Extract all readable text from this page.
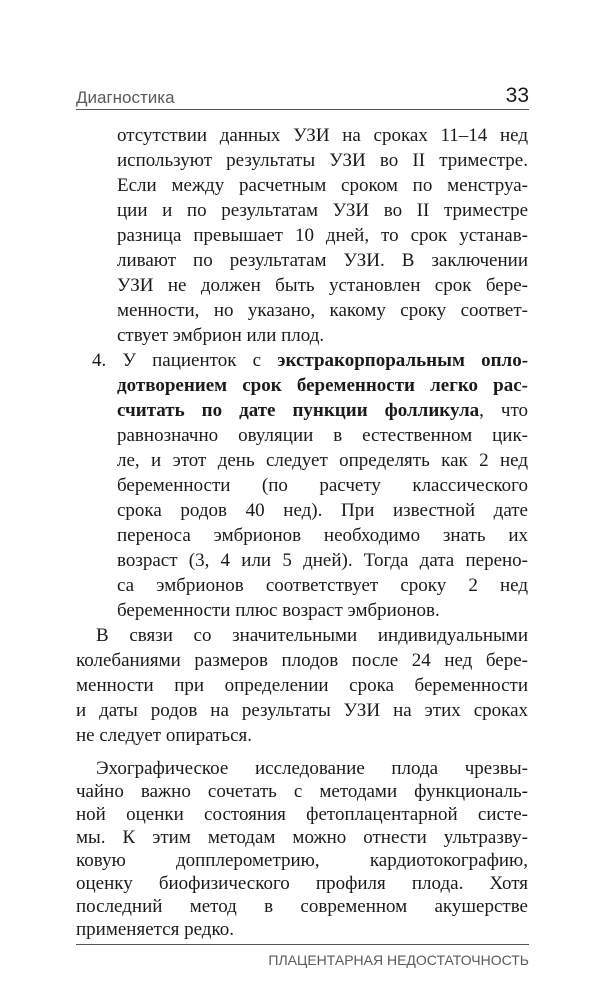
Диагностика	33

отсутствии данных УЗИ на сроках 11–14 нед

используют результаты УЗИ во II триместре.

Если между расчетным сроком по менструа-

ции и по результатам УЗИ во II триместре

разница превышает 10 дней, то срок устанав-

ливают по результатам УЗИ. В заключении

УЗИ не должен быть установлен срок бере-

менности, но указано, какому сроку соответ-

ствует эмбрион или плод.

4. У пациенток с экстракорпоральным опло-

дотворением срок беременности легко рас-

считать по дате пункции фолликула, что

равнозначно овуляции в естественном цик-

ле, и этот день следует определять как 2 нед

беременности (по расчету классического

срока родов 40 нед). При известной дате

переноса эмбрионов необходимо знать их

возраст (3, 4 или 5 дней). Тогда дата перено-

са эмбрионов соответствует сроку 2 нед

беременности плюс возраст эмбрионов.

В связи со значительными индивидуальными

колебаниями размеров плодов после 24 нед бере-

менности при определении срока беременности

и даты родов на результаты УЗИ на этих сроках

не следует опираться.

Эхографическое исследование плода чрезвы-

чайно важно сочетать с методами функциональ-

ной оценки состояния фетоплацентарной систе-

мы. К этим методам можно отнести ультразву-

ковую допплерометрию, кардиотокографию,

оценку биофизического профиля плода. Хотя

последний метод в современном акушерстве

применяется редко.

ПЛАЦЕНТАРНАЯ НЕДОСТАТОЧНОСТЬ
